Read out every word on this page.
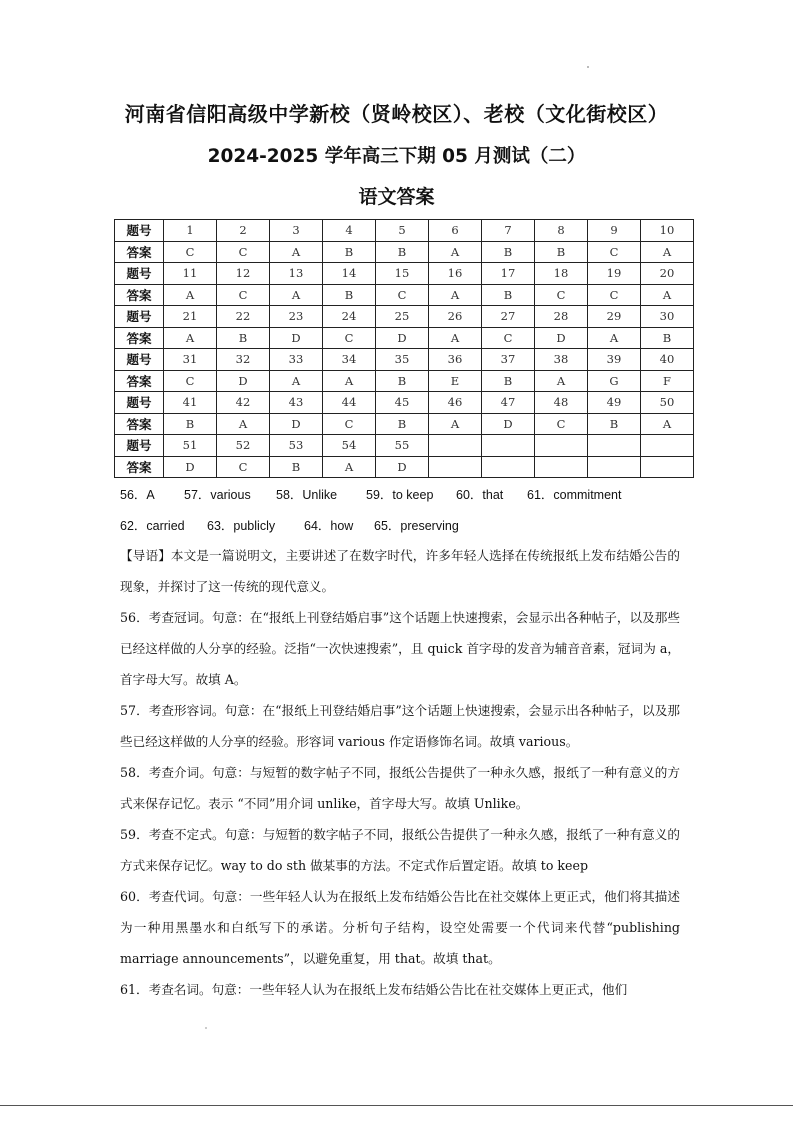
河南省信阳高级中学新校（贤岭校区）、老校（文化街校区）
2024-2025 学年高三下期 05 月测试（二）
语文答案
题号	1	2	3	4	5	6	7	8	9	10
答案	C	C	A	B	B	A	B	B	C	A
题号	11	12	13	14	15	16	17	18	19	20
答案	A	C	A	B	C	A	B	C	C	A
题号	21	22	23	24	25	26	27	28	29	30
答案	A	B	D	C	D	A	C	D	A	B
题号	31	32	33	34	35	36	37	38	39	40
答案	C	D	A	A	B	E	B	A	G	F
题号	41	42	43	44	45	46	47	48	49	50
答案	B	A	D	C	B	A	D	C	B	A
题号	51	52	53	54	55					
答案	D	C	B	A	D					
56．A 57．various 58．Unlike 59．to keep 60．that 61．commitment
62．carried 63．publicly 64．how 65．preserving
【导语】本文是一篇说明文，主要讲述了在数字时代，许多年轻人选择在传统报纸上发布结婚公告的现象，并探讨了这一传统的现代意义。
56．考查冠词。句意：在“报纸上刊登结婚启事”这个话题上快速搜索，会显示出各种帖子，以及那些已经这样做的人分享的经验。泛指“一次快速搜索”，且 quick 首字母的发音为辅音音素，冠词为 a，首字母大写。故填 A。
57．考查形容词。句意：在“报纸上刊登结婚启事”这个话题上快速搜索，会显示出各种帖子，以及那些已经这样做的人分享的经验。形容词 various 作定语修饰名词。故填 various。
58．考查介词。句意：与短暂的数字帖子不同，报纸公告提供了一种永久感，报纸了一种有意义的方式来保存记忆。表示 “不同”用介词 unlike，首字母大写。故填 Unlike。
59．考查不定式。句意：与短暂的数字帖子不同，报纸公告提供了一种永久感，报纸了一种有意义的方式来保存记忆。way to do sth 做某事的方法。不定式作后置定语。故填 to keep
60．考查代词。句意：一些年轻人认为在报纸上发布结婚公告比在社交媒体上更正式，他们将其描述为一种用黑墨水和白纸写下的承诺。分析句子结构，设空处需要一个代词来代替“publishing marriage announcements”，以避免重复，用 that。故填 that。
61．考查名词。句意：一些年轻人认为在报纸上发布结婚公告比在社交媒体上更正式，他们
